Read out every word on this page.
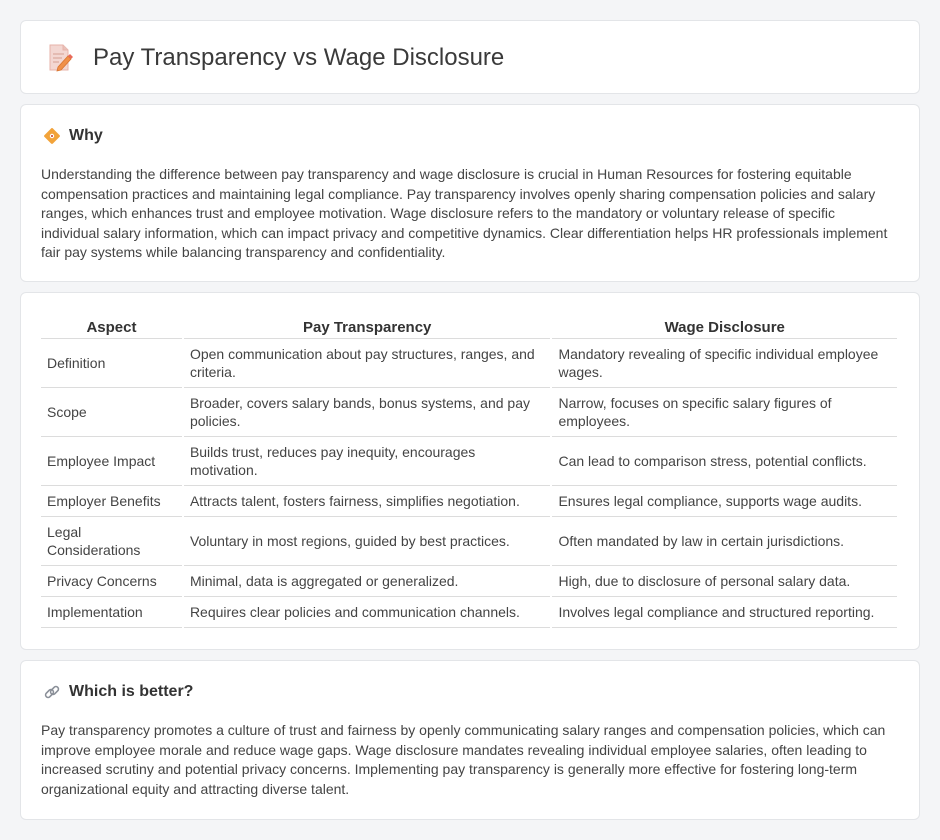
Pay Transparency vs Wage Disclosure
Why

Understanding the difference between pay transparency and wage disclosure is crucial in Human Resources for fostering equitable compensation practices and maintaining legal compliance. Pay transparency involves openly sharing compensation policies and salary ranges, which enhances trust and employee motivation. Wage disclosure refers to the mandatory or voluntary release of specific individual salary information, which can impact privacy and competitive dynamics. Clear differentiation helps HR professionals implement fair pay systems while balancing transparency and confidentiality.

Aspect	Pay Transparency	Wage Disclosure
Definition	Open communication about pay structures, ranges, and criteria.	Mandatory revealing of specific individual employee wages.
Scope	Broader, covers salary bands, bonus systems, and pay policies.	Narrow, focuses on specific salary figures of employees.
Employee Impact	Builds trust, reduces pay inequity, encourages motivation.	Can lead to comparison stress, potential conflicts.
Employer Benefits	Attracts talent, fosters fairness, simplifies negotiation.	Ensures legal compliance, supports wage audits.
Legal Considerations	Voluntary in most regions, guided by best practices.	Often mandated by law in certain jurisdictions.
Privacy Concerns	Minimal, data is aggregated or generalized.	High, due to disclosure of personal salary data.
Implementation	Requires clear policies and communication channels.	Involves legal compliance and structured reporting.
Which is better?

Pay transparency promotes a culture of trust and fairness by openly communicating salary ranges and compensation policies, which can improve employee morale and reduce wage gaps. Wage disclosure mandates revealing individual employee salaries, often leading to increased scrutiny and potential privacy concerns. Implementing pay transparency is generally more effective for fostering long-term organizational equity and attracting diverse talent.
